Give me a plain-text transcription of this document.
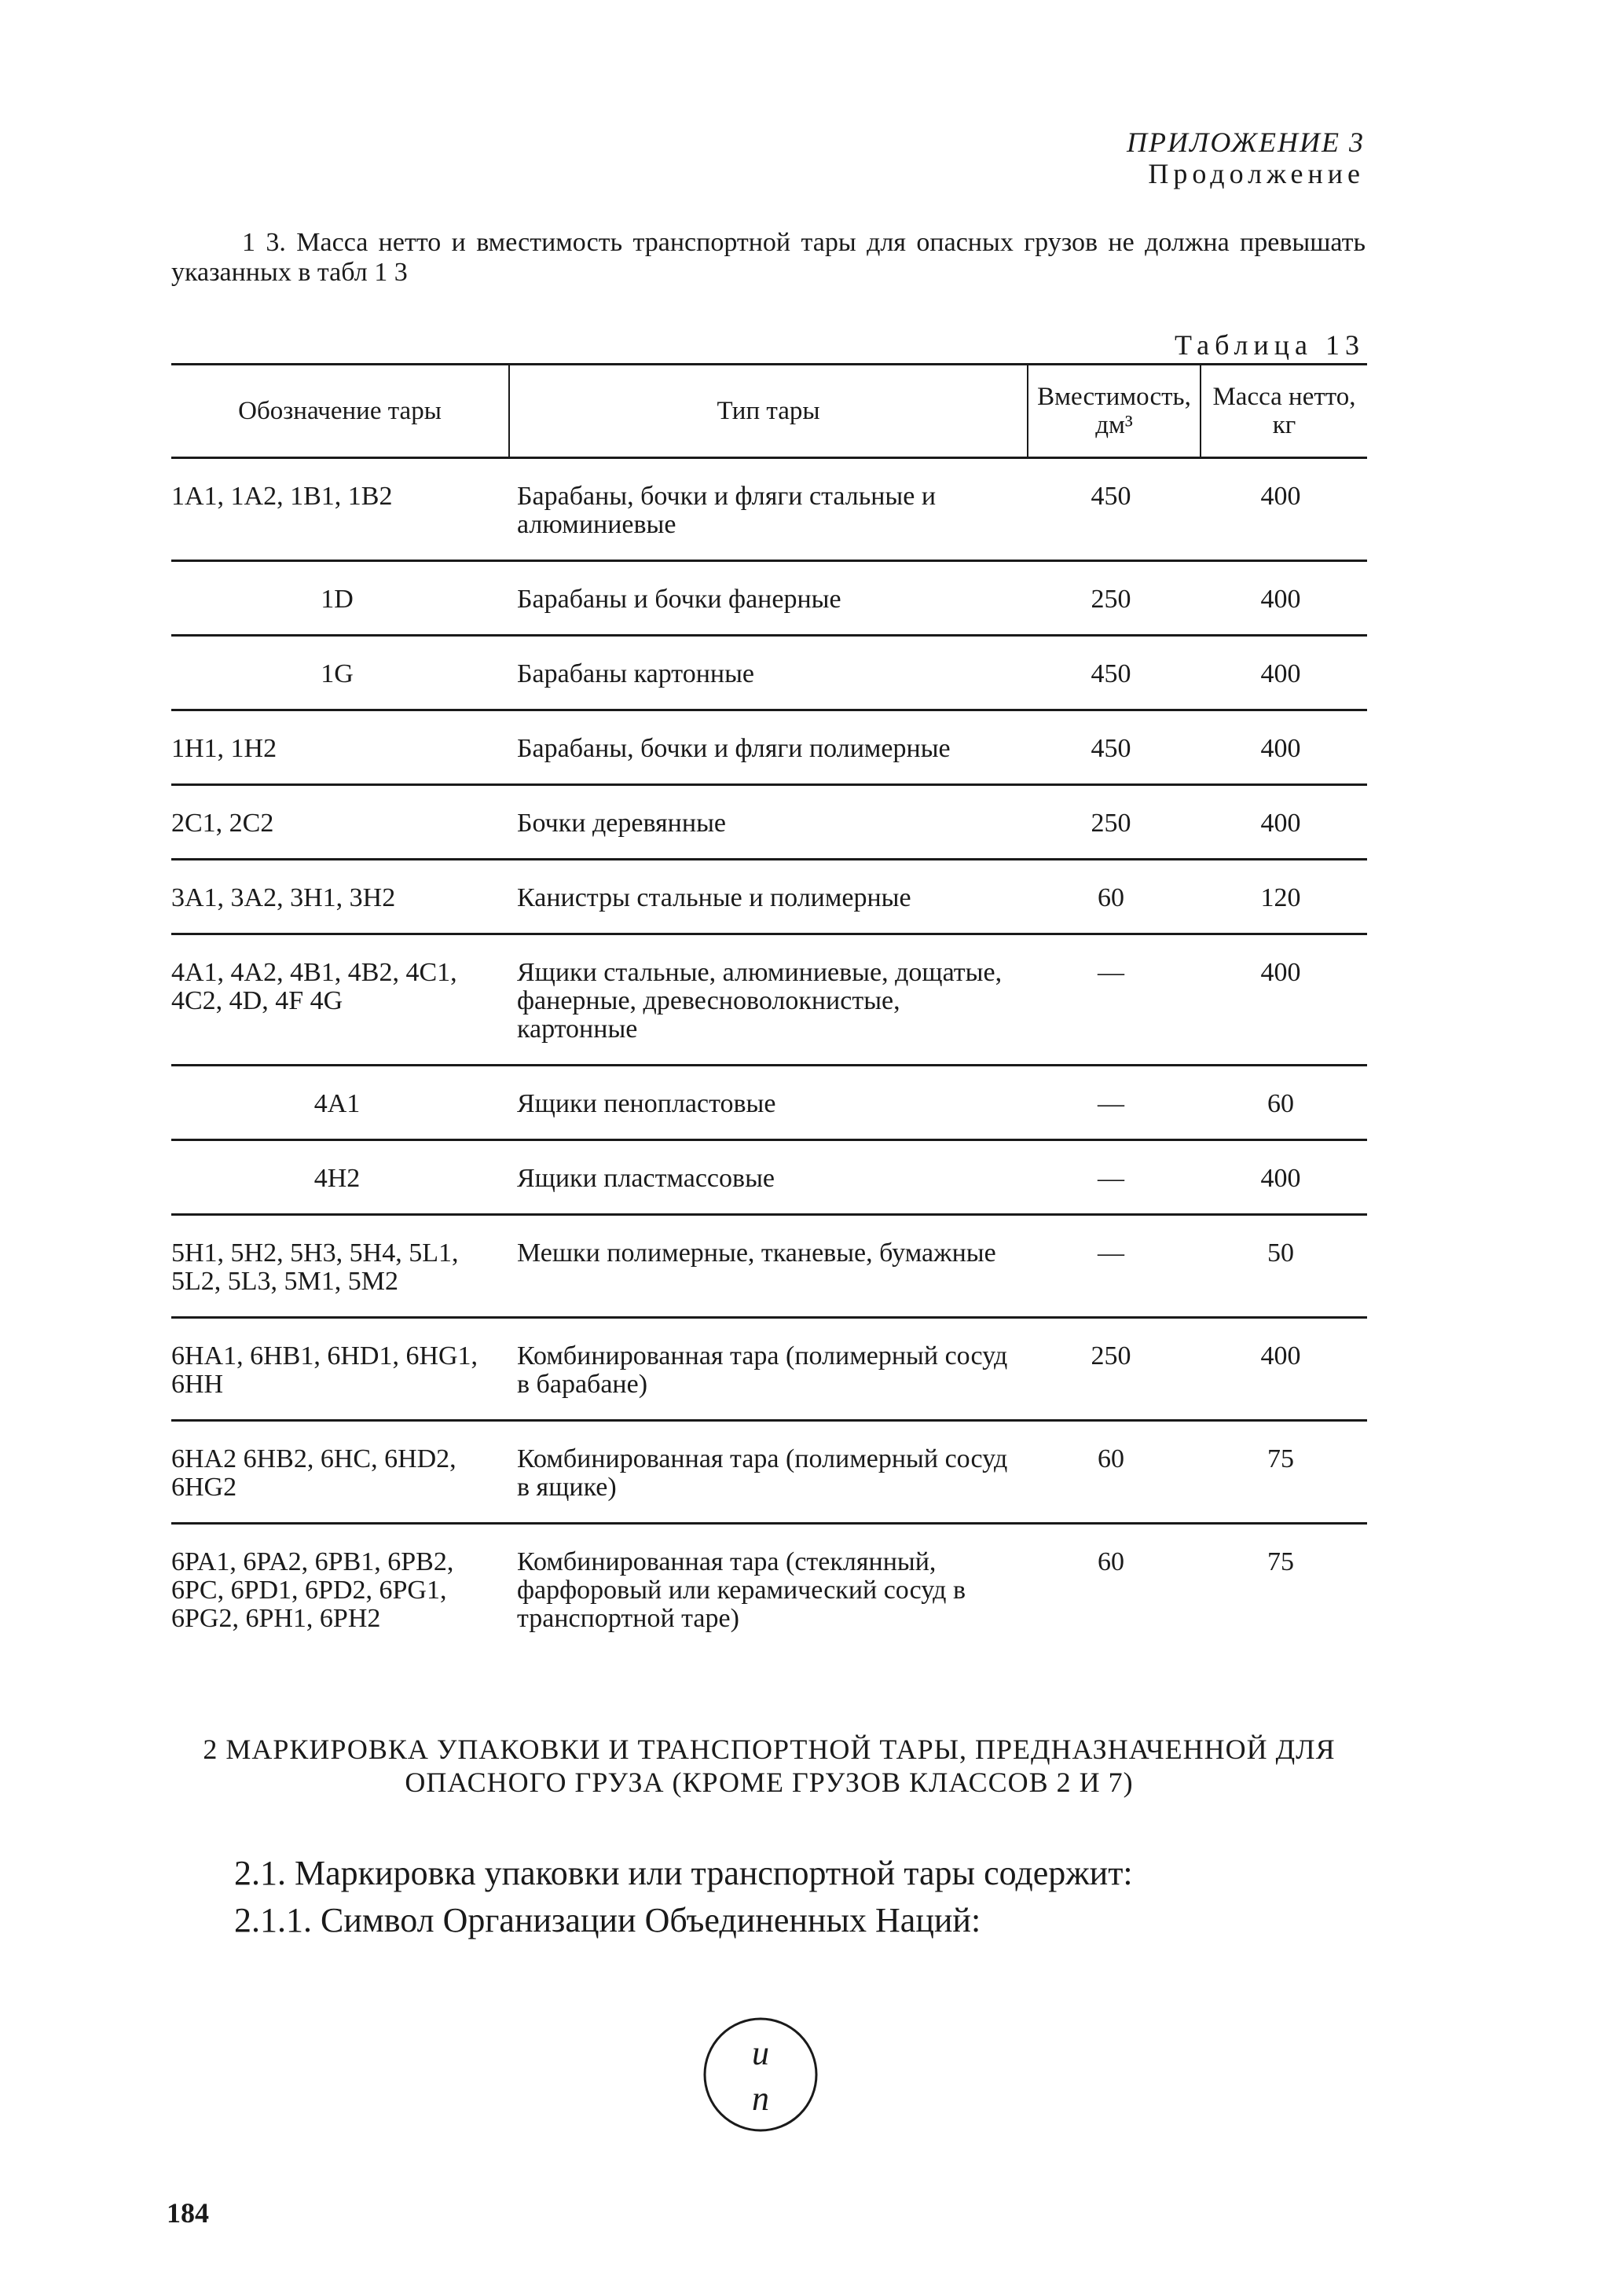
ПРИЛОЖЕНИЕ 3
Продолжение
1 3. Масса нетто и вместимость транспортной тары для опасных грузов не должна превышать указанных в табл 1 3
Таблица 13
Обозначение тары	Тип тары	Вместимость, дм³	Масса нетто, кг
1A1, 1A2, 1B1, 1B2	Барабаны, бочки и фляги стальные и алюминиевые	450	400
1D	Барабаны и бочки фанерные	250	400
1G	Барабаны картонные	450	400
1H1, 1H2	Барабаны, бочки и фляги полимерные	450	400
2C1, 2C2	Бочки деревянные	250	400
3A1, 3A2, 3H1, 3H2	Канистры стальные и полимерные	60	120
4A1, 4A2, 4B1, 4B2, 4C1, 4C2, 4D, 4F 4G	Ящики стальные, алюминиевые, дощатые, фанерные, древесноволокнистые, картонные	—	400
4A1	Ящики пенопластовые	—	60
4H2	Ящики пластмассовые	—	400
5H1, 5H2, 5H3, 5H4, 5L1, 5L2, 5L3, 5M1, 5M2	Мешки полимерные, тканевые, бумажные	—	50
6HA1, 6HB1, 6HD1, 6HG1, 6HH	Комбинированная тара (полимерный сосуд в барабане)	250	400
6HA2 6HB2, 6HC, 6HD2, 6HG2	Комбинированная тара (полимерный сосуд в ящике)	60	75
6PA1, 6PA2, 6PB1, 6PB2, 6PC, 6PD1, 6PD2, 6PG1, 6PG2, 6PH1, 6PH2	Комбинированная тара (стеклянный, фарфоровый или керамический сосуд в транспортной таре)	60	75
2 МАРКИРОВКА УПАКОВКИ И ТРАНСПОРТНОЙ ТАРЫ, ПРЕДНАЗНАЧЕННОЙ ДЛЯ ОПАСНОГО ГРУЗА (КРОМЕ ГРУЗОВ КЛАССОВ 2 И 7)
2.1. Маркировка упаковки или транспортной тары содержит:
2.1.1. Символ Организации Объединенных Наций:
u
n
184
